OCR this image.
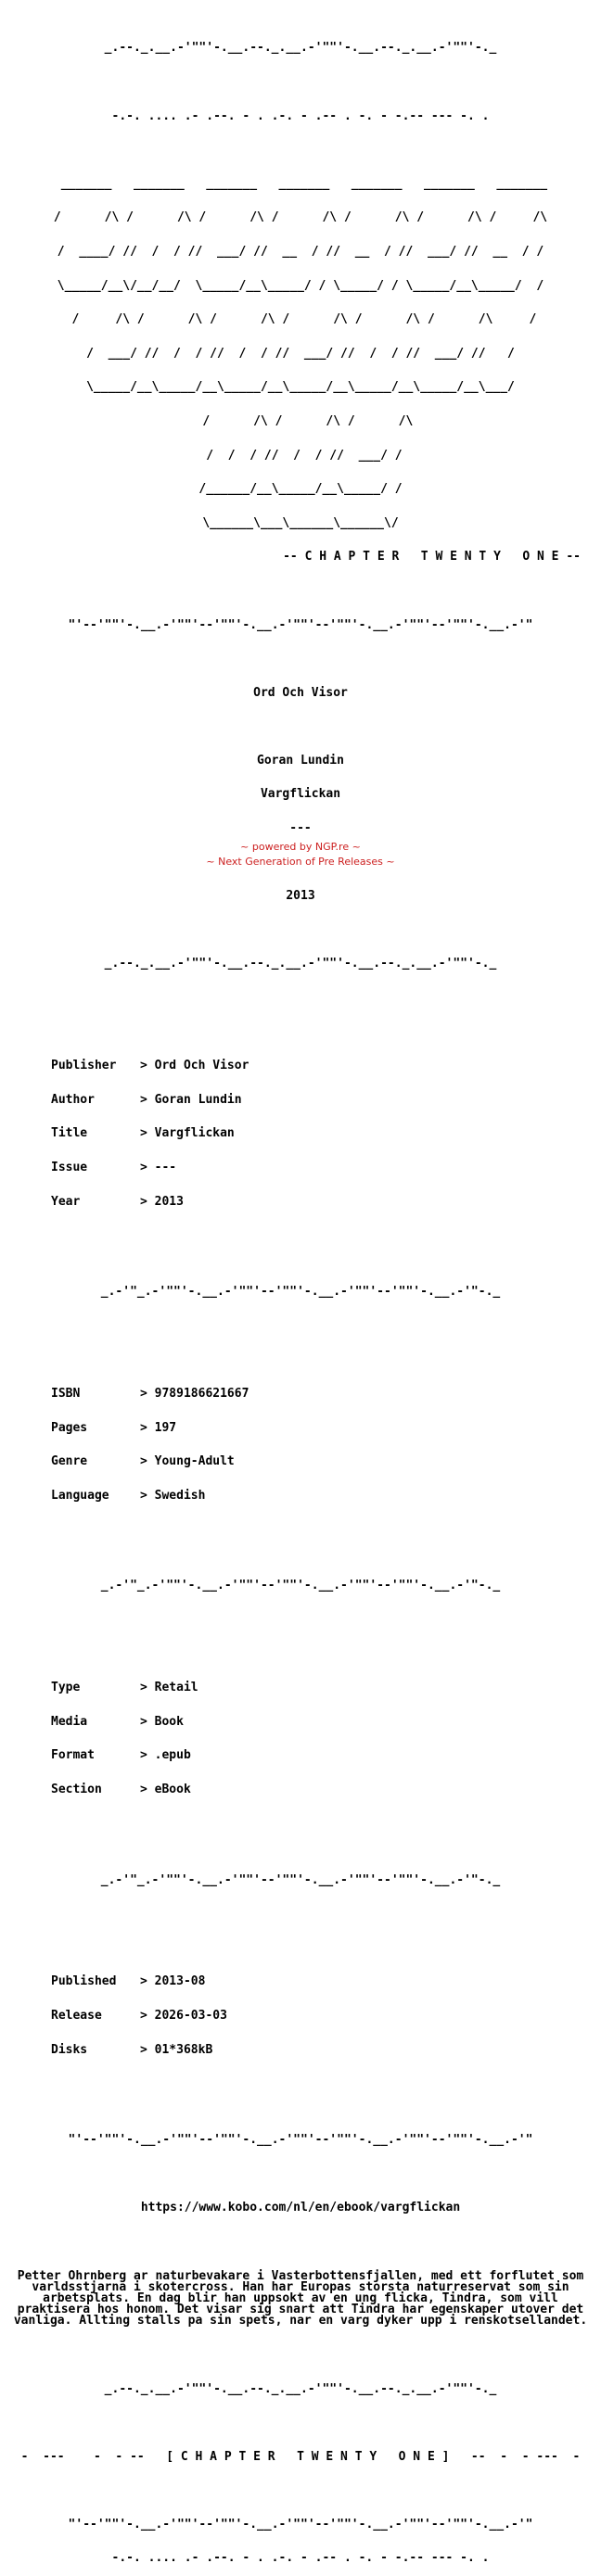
_.--._.__.-'""'-.__.--._.__.-'""'-.__.--._.__.-'""'-._

-.-. .... .- .--. - . .-. - .-- . -. - -.-- --- -. .

_______   _______   _______   _______   _______   _______   _______

/      /\ /      /\ /      /\ /      /\ /      /\ /      /\ /     /\

/  ____/ //  /  / //  ___/ //  __  / //  __  / //  ___/ //  __  / /

\_____/__\/__/__/  \_____/__\_____/ / \_____/ / \_____/__\_____/  /

/     /\ /      /\ /      /\ /      /\ /      /\ /      /\     /

/  ___/ //  /  / //  /  / //  ___/ //  /  / //  ___/ //   /

\_____/__\_____/__\_____/__\_____/__\_____/__\_____/__\___/

/      /\ /      /\ /      /\

/  /  / //  /  / //  ___/ /

/______/__\_____/__\_____/ /

\______\___\______\______\/

-- C H A P T E R   T W E N T Y   O N E --

"'--'""'-.__.-'""'--'""'-.__.-'""'--'""'-.__.-'""'--'""'-.__.-'"

Ord Och Visor

Goran Lundin

Vargflickan

---

2013

_.--._.__.-'""'-.__.--._.__.-'""'-.__.--._.__.-'""'-._

Publisher > Ord Och Visor

Author	> Goran Lundin

Title	> Vargflickan

Issue	> ---

Year	> 2013

_.-'"_.-'""'-.__.-'""'--'""'-.__.-'""'--'""'-.__.-'"-._

ISBN	> 9789186621667

Pages	> 197

Genre	> Young-Adult

Language	> Swedish

_.-'"_.-'""'-.__.-'""'--'""'-.__.-'""'--'""'-.__.-'"-._

Type	> Retail

Media	> Book

Format	> .epub

Section	> eBook

_.-'"_.-'""'-.__.-'""'--'""'-.__.-'""'--'""'-.__.-'"-._

Published > 2013-08

Release	> 2026-03-03

Disks	> 01*368kB

"'--'""'-.__.-'""'--'""'-.__.-'""'--'""'-.__.-'""'--'""'-.__.-'"

https://www.kobo.com/nl/en/ebook/vargflickan

Petter Ohrnberg ar naturbevakare i Vasterbottensfjallen, med ett forflutet som varldsstjarna i skotercross. Han har Europas storsta naturreservat som sin arbetsplats. En dag blir han uppsokt av en ung flicka, Tindra, som vill praktisera hos honom. Det visar sig snart att Tindra har egenskaper utover det vanliga. Allting stalls pa sin spets, nar en varg dyker upp i renskotsellandet.

_.--._.__.-'""'-.__.--._.__.-'""'-.__.--._.__.-'""'-._

-  ---    -  - --   [ C H A P T E R   T W E N T Y   O N E ]   --  -  - ---  -

"'--'""'-.__.-'""'--'""'-.__.-'""'--'""'-.__.-'""'--'""'-.__.-'"

-.-. .... .- .--. - . .-. - .-- . -. - -.-- --- -. .

~ powered by NGP.re ~
~ Next Generation of Pre Releases ~
